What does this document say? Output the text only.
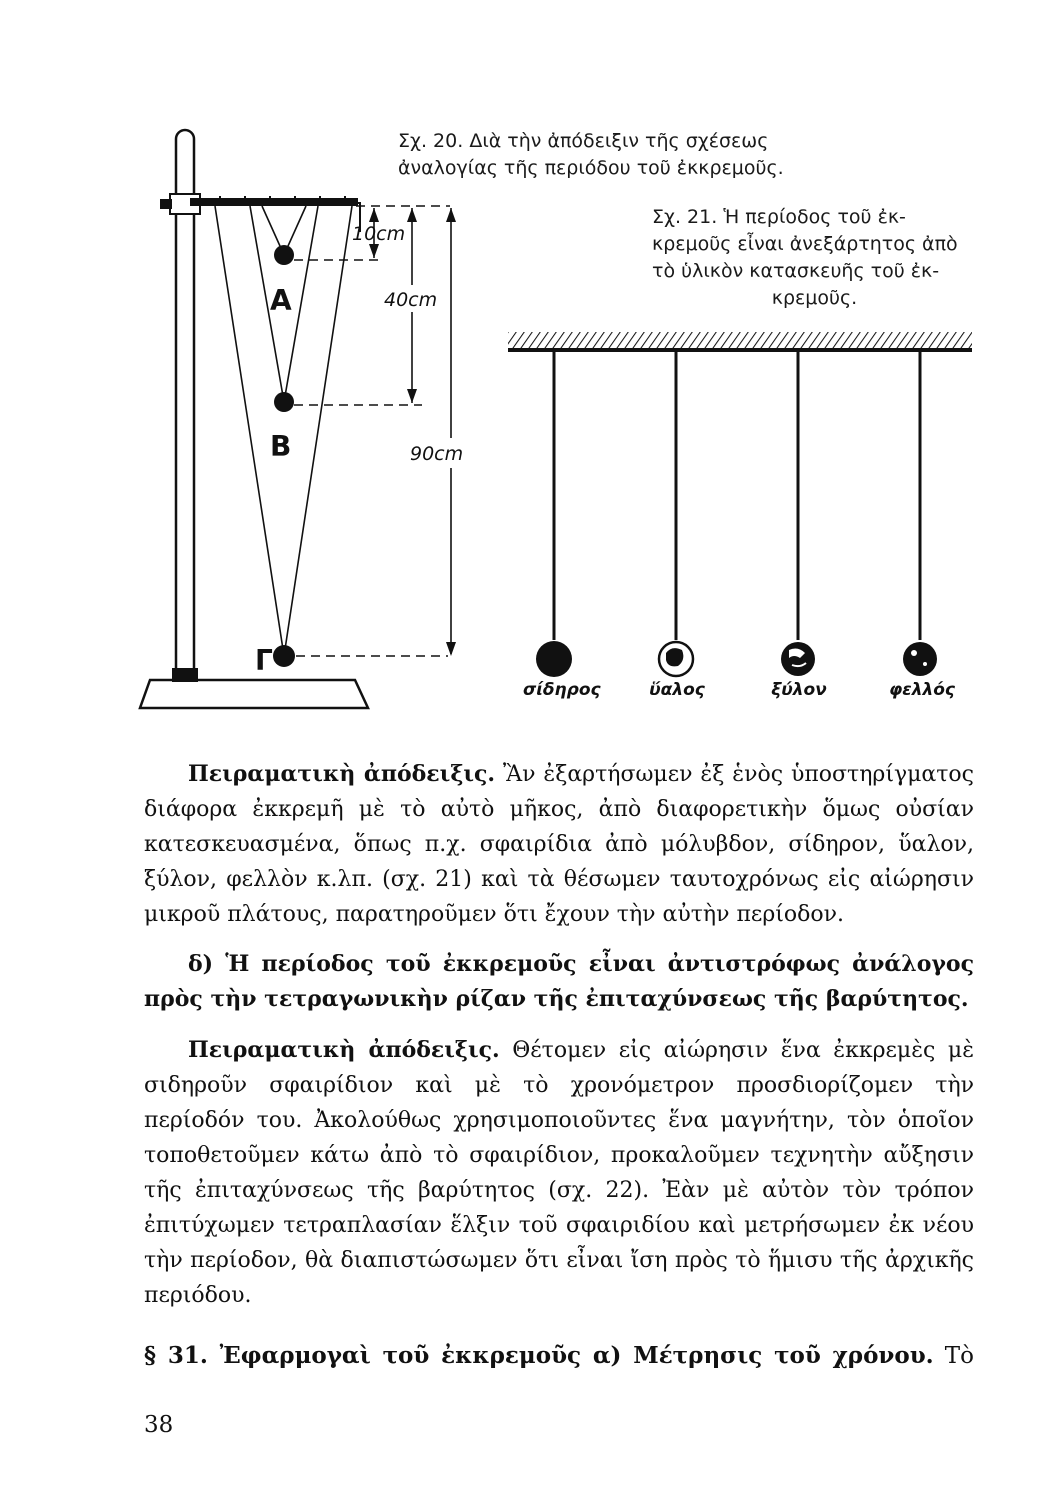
Σχ. 20. Διὰ τὴν ἀπόδειξιν τῆς σχέσεως
ἀναλογίας τῆς περιόδου τοῦ ἐκκρεμοῦς.
Σχ. 21. Ἡ περίοδος τοῦ ἐκ-
κρεμοῦς εἶναι ἀνεξάρτητος ἀπὸ
τὸ ὑλικὸν κατασκευῆς τοῦ ἐκ-
κρεμοῦς.
Α
Β
Γ
10cm
40cm
90cm
σίδηρος	ὕαλος	ξύλον	φελλός
Πειραματικὴ ἀπόδειξις. Ἂν ἐξαρτήσωμεν ἐξ ἑνὸς ὑποστηρίγματος διάφορα ἐκκρεμῆ μὲ τὸ αὐτὸ μῆκος, ἀπὸ διαφορετικὴν ὅμως οὐσίαν κατεσκευασμένα, ὅπως π.χ. σφαιρίδια ἀπὸ μόλυβδον, σίδηρον, ὕαλον, ξύλον, φελλὸν κ.λπ. (σχ. 21) καὶ τὰ θέσωμεν ταυτοχρόνως εἰς αἰώρησιν μικροῦ πλάτους, παρατηροῦμεν ὅτι ἔχουν τὴν αὐτὴν περίοδον.
δ) Ἡ περίοδος τοῦ ἐκκρεμοῦς εἶναι ἀντιστρόφως ἀνάλογος πρὸς τὴν τετραγωνικὴν ρίζαν τῆς ἐπιταχύνσεως τῆς βαρύτητος.
Πειραματικὴ ἀπόδειξις. Θέτομεν εἰς αἰώρησιν ἕνα ἐκκρεμὲς μὲ σιδηροῦν σφαιρίδιον καὶ μὲ τὸ χρονόμετρον προσδιορίζομεν τὴν περίοδόν του. Ἀκολούθως χρησιμοποιοῦντες ἕνα μαγνήτην, τὸν ὁποῖον τοποθετοῦμεν κάτω ἀπὸ τὸ σφαιρίδιον, προκαλοῦμεν τεχνητὴν αὔξησιν τῆς ἐπιταχύνσεως τῆς βαρύτητος (σχ. 22). Ἐὰν μὲ αὐτὸν τὸν τρόπον ἐπιτύχωμεν τετραπλασίαν ἕλξιν τοῦ σφαιριδίου καὶ μετρήσωμεν ἐκ νέου τὴν περίοδον, θὰ διαπιστώσωμεν ὅτι εἶναι ἴση πρὸς τὸ ἥμισυ τῆς ἀρχικῆς περιόδου.
§ 31. Ἐφαρμογαὶ τοῦ ἐκκρεμοῦς α) Μέτρησις τοῦ χρόνου. Τὸ
38
